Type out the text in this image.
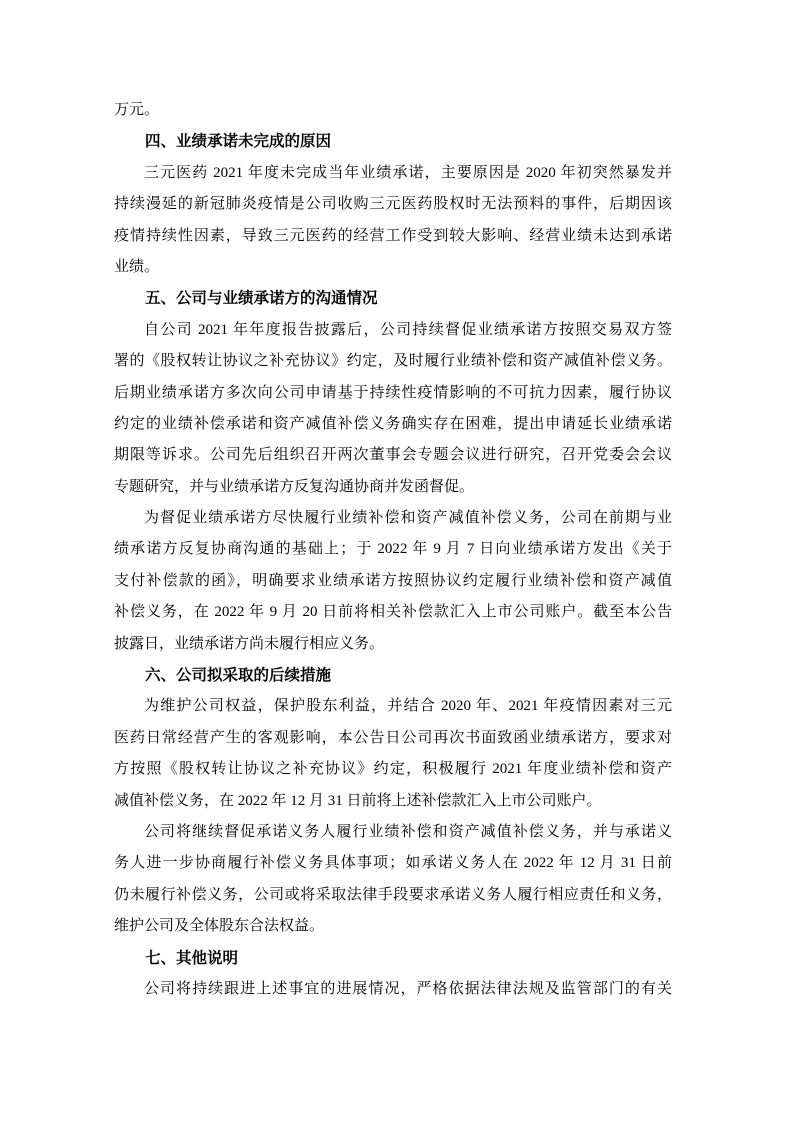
万元。
四、业绩承诺未完成的原因
三元医药 2021 年度未完成当年业绩承诺，主要原因是 2020 年初突然暴发并
持续漫延的新冠肺炎疫情是公司收购三元医药股权时无法预料的事件，后期因该
疫情持续性因素，导致三元医药的经营工作受到较大影响、经营业绩未达到承诺
业绩。
五、公司与业绩承诺方的沟通情况
自公司 2021 年年度报告披露后，公司持续督促业绩承诺方按照交易双方签
署的《股权转让协议之补充协议》约定，及时履行业绩补偿和资产减值补偿义务。
后期业绩承诺方多次向公司申请基于持续性疫情影响的不可抗力因素，履行协议
约定的业绩补偿承诺和资产减值补偿义务确实存在困难，提出申请延长业绩承诺
期限等诉求。公司先后组织召开两次董事会专题会议进行研究，召开党委会会议
专题研究，并与业绩承诺方反复沟通协商并发函督促。
为督促业绩承诺方尽快履行业绩补偿和资产减值补偿义务，公司在前期与业
绩承诺方反复协商沟通的基础上；于 2022 年 9 月 7 日向业绩承诺方发出《关于
支付补偿款的函》，明确要求业绩承诺方按照协议约定履行业绩补偿和资产减值
补偿义务，在 2022 年 9 月 20 日前将相关补偿款汇入上市公司账户。截至本公告
披露日，业绩承诺方尚未履行相应义务。
六、公司拟采取的后续措施
为维护公司权益，保护股东利益，并结合 2020 年、2021 年疫情因素对三元
医药日常经营产生的客观影响，本公告日公司再次书面致函业绩承诺方，要求对
方按照《股权转让协议之补充协议》约定，积极履行 2021 年度业绩补偿和资产
减值补偿义务，在 2022 年 12 月 31 日前将上述补偿款汇入上市公司账户。
公司将继续督促承诺义务人履行业绩补偿和资产减值补偿义务，并与承诺义
务人进一步协商履行补偿义务具体事项；如承诺义务人在 2022 年 12 月 31 日前
仍未履行补偿义务，公司或将采取法律手段要求承诺义务人履行相应责任和义务，
维护公司及全体股东合法权益。
七、其他说明
公司将持续跟进上述事宜的进展情况，严格依据法律法规及监管部门的有关
